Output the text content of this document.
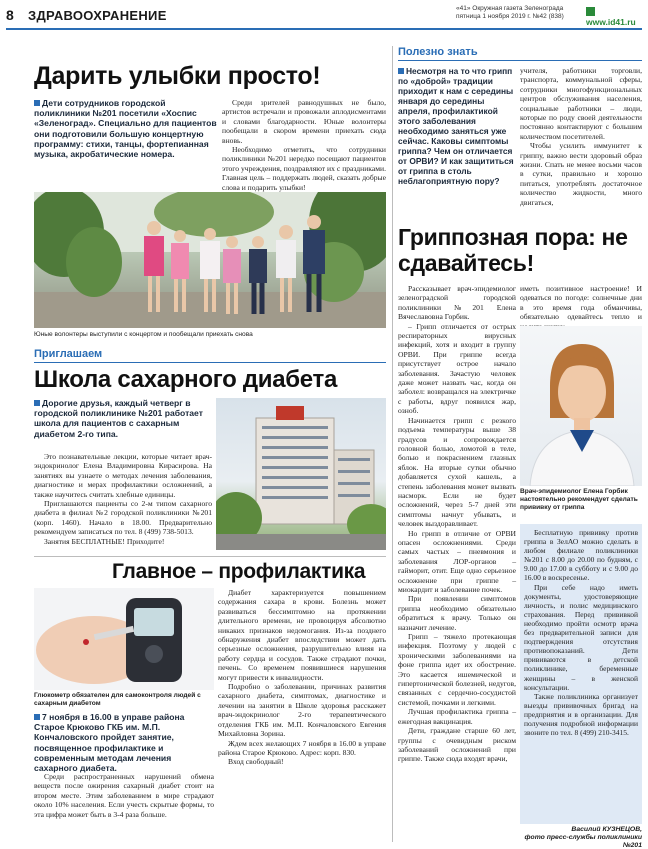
8 ЗДРАВООХРАНЕНИЕ	«41» Окружная газета Зеленограда
пятница 1 ноября 2019 г. №42 (838)
www.id41.ru
Дарить улыбки просто!
Дети сотрудников городской поликлиники №201 посетили «Хоспис «Зеленоград». Специально для пациентов они подготовили большую концертную программу: стихи, танцы, фортепианная музыка, акробатические номера.

Среди зрителей равнодушных не было, артистов встречали и провожали аплодисментами и словами благодарности. Юные волонтеры пообещали в скором времени приехать сюда вновь.

Необходимо отметить, что сотрудники поликлиники №201 нередко посещают пациентов этого учреждения, поздравляют их с праздниками. Главная цель – поддержать людей, сказать добрые слова и подарить улыбки!

Юные волонтеры выступили с концертом и пообещали приехать снова
Приглашаем
Школа сахарного диабета
Дорогие друзья, каждый четверг в городской поликлинике №201 работает школа для пациентов с сахарным диабетом 2-го типа.

Это познавательные лекции, которые читает врач-эндокринолог Елена Владимировна Кирасирова. На занятиях вы узнаете о методах лечения заболевания, диагностике и мерах профилактики осложнений, а также научитесь считать хлебные единицы.

Приглашаются пациенты со 2-м типом сахарного диабета в филиал №2 городской поликлиники №201 (корп. 1460). Начало в 18.00. Предварительно рекомендуем записаться по тел. 8 (499) 738-5013.

Занятия БЕСПЛАТНЫЕ! Приходите!

Главное – профилактика
Глюкометр обязателен для самоконтроля людей с сахарным диабетом
7 ноября в 16.00 в управе района Старое Крюково ГКБ им. М.П. Кончаловского пройдет занятие, посвященное профилактике и современным методам лечения сахарного диабета.

Среди распространенных нарушений обмена веществ после ожирения сахарный диабет стоит на втором месте. Этим заболеванием в мире страдают около 10% населения. Если учесть скрытые формы, то эта цифра может быть в 3-4 раза больше.

Диабет характеризуется повышением содержания сахара в крови. Болезнь может развиваться бессимптомно на протяжении длительного времени, не провоцируя абсолютно никаких признаков недомогания. Из-за позднего обнаружения диабет впоследствии может дать серьезные осложнения, разрушительно влияя на работу сердца и сосудов. Также страдают почки, печень. Со временем появившиеся нарушения могут привести к инвалидности.

Подробно о заболевании, причинах развития сахарного диабета, симптомах, диагностике и лечении на занятии в Школе здоровья расскажет врач-эндокринолог 2-го терапевтического отделения ГКБ им. М.П. Кончаловского Евгения Михайловна Зорина.

Ждем всех желающих 7 ноября в 16.00 в управе района Старое Крюково. Адрес: корп. 830.

Вход свободный!

Полезно знать
Несмотря на то что грипп по «доброй» традиции приходит к нам с середины января до середины апреля, профилактикой этого заболевания необходимо заняться уже сейчас. Каковы симптомы гриппа? Чем он отличается от ОРВИ? И как защититься от гриппа в столь неблагоприятную пору?

учителя, работники торговли, транспорта, коммунальной сферы, сотрудники многофункциональных центров обслуживания населения, социальные работники – люди, которые по роду своей деятельности постоянно контактируют с большим количеством посетителей.

Чтобы усилить иммунитет к гриппу, важно вести здоровый образ жизни. Спать не менее восьми часов в сутки, правильно и хорошо питаться, употреблять достаточное количество жидкости, много двигаться,

Гриппозная пора: не сдавайтесь!

Рассказывает врач-эпидемиолог зеленоградской городской поликлиники №201 Елена Вячеславовна Горбик.

– Грипп отличается от острых респираторных вирусных инфекций, хотя и входит в группу ОРВИ. При гриппе всегда присутствует острое начало заболевания. Зачастую человек даже может назвать час, когда он заболел: возвращался на электричке с работы, вдруг появился жар, озноб.

Начинается грипп с резкого подъема температуры выше 38 градусов и сопровождается головной болью, ломотой в теле, болью и покраснением глазных яблок. На вторые сутки обычно добавляется сухой кашель, а степень заболевания может вызвать насморк. Если не будет осложнений, через 5-7 дней эти симптомы начнут убывать, и человек выздоравливает.

Но грипп в отличие от ОРВИ опасен осложнениями. Среди самых частых – пневмония и заболевания ЛОР-органов – гайморит, отит. Еще одно серьезное осложнение при гриппе – миокардит и заболевание почек.

При появлении симптомов гриппа необходимо обязательно обратиться к врачу. Только он назначит лечение.

Грипп – тяжело протекающая инфекция. Поэтому у людей с хроническими заболеваниями на фоне гриппа идет их обострение. Это касается ишемической и гипертонической болезней, недугов, связанных с сердечно-сосудистой системой, почками и легкими.

Лучшая профилактика гриппа – ежегодная вакцинация.

Дети, граждане старше 60 лет, группы с очевидным риском заболеваний осложнений при гриппе. Также сюда входят врачи,

иметь позитивное настроение! И одеваться по погоде: солнечные дни в это время года обманчивы, обязательно одевайтесь тепло и

Врач-эпидемиолог Елена Горбик настоятельно рекомендует сделать прививку от гриппа

Бесплатную прививку против гриппа в ЗелАО можно сделать в любом филиале поликлиники №201 с 8.00 до 20.00 по будням, с 9.00 до 17.00 в субботу и с 9.00 до 16.00 в воскресенье.

При себе надо иметь документы, удостоверяющие личность, и полис медицинского страхования. Перед прививкой необходимо пройти осмотр врача без предварительной записи для подтверждения отсутствия противопоказаний. Дети прививаются в детской поликлинике, беременные женщины – в женской консультации.

Также поликлиника организует выезды прививочных бригад на предприятия и в организации. Для получения подробной информации звоните по тел. 8 (499) 210-3415.

Василий КУЗНЕЦОВ,
фото пресс-службы поликлиники №201
